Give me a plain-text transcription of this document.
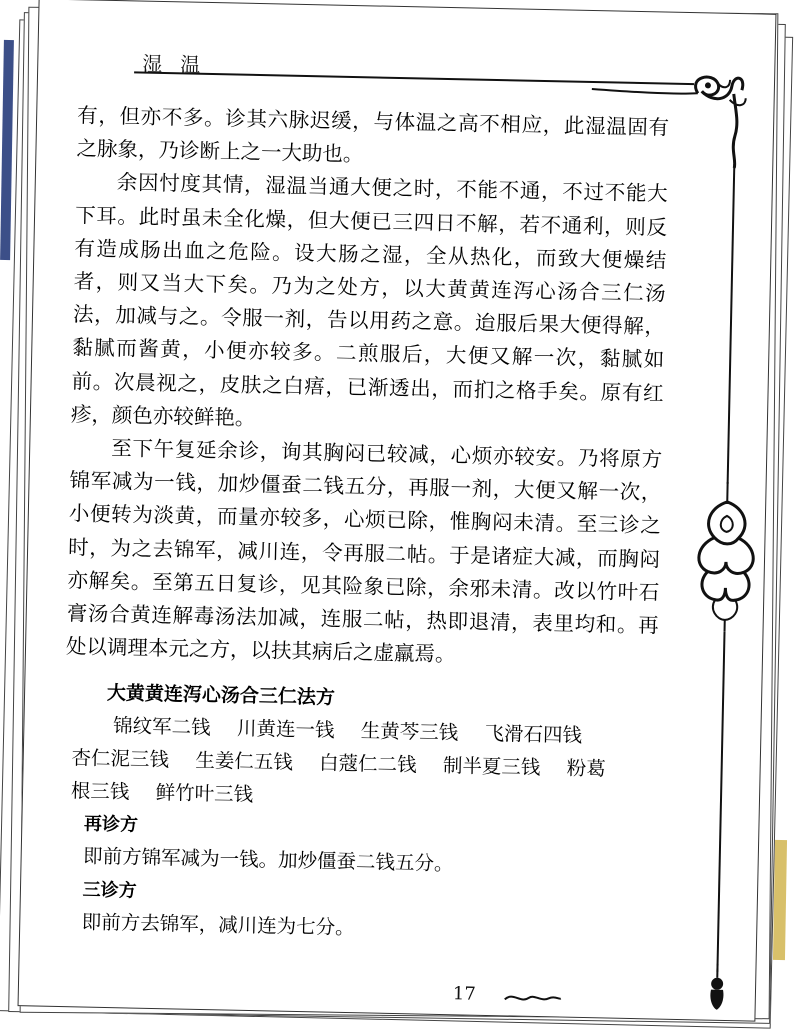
湿温

有，但亦不多。诊其六脉迟缓，与体温之高不相应，此湿温固有之脉象，乃诊断上之一大助也。

余因忖度其情，湿温当通大便之时，不能不通，不过不能大下耳。此时虽未全化燥，但大便已三四日不解，若不通利，则反有造成肠出血之危险。设大肠之湿，全从热化，而致大便燥结者，则又当大下矣。乃为之处方，以大黄黄连泻心汤合三仁汤法，加减与之。令服一剂，告以用药之意。迨服后果大便得解，黏腻而酱黄，小便亦较多。二煎服后，大便又解一次，黏腻如前。次晨视之，皮肤之白痦，已渐透出，而扪之格手矣。原有红疹，颜色亦较鲜艳。

至下午复延余诊，询其胸闷已较减，心烦亦较安。乃将原方锦军减为一钱，加炒僵蚕二钱五分，再服一剂，大便又解一次，小便转为淡黄，而量亦较多，心烦已除，惟胸闷未清。至三诊之时，为之去锦军，减川连，令再服二帖。于是诸症大减，而胸闷亦解矣。至第五日复诊，见其险象已除，余邪未清。改以竹叶石膏汤合黄连解毒汤法加减，连服二帖，热即退清，表里均和。再处以调理本元之方，以扶其病后之虚羸焉。

大黄黄连泻心汤合三仁法方
锦纹军二钱 川黄连一钱 生黄芩三钱 飞滑石四钱
杏仁泥三钱 生姜仁五钱 白蔻仁二钱 制半夏三钱 粉葛
根三钱 鲜竹叶三钱
再诊方
即前方锦军减为一钱。加炒僵蚕二钱五分。
三诊方
即前方去锦军，减川连为七分。
17
